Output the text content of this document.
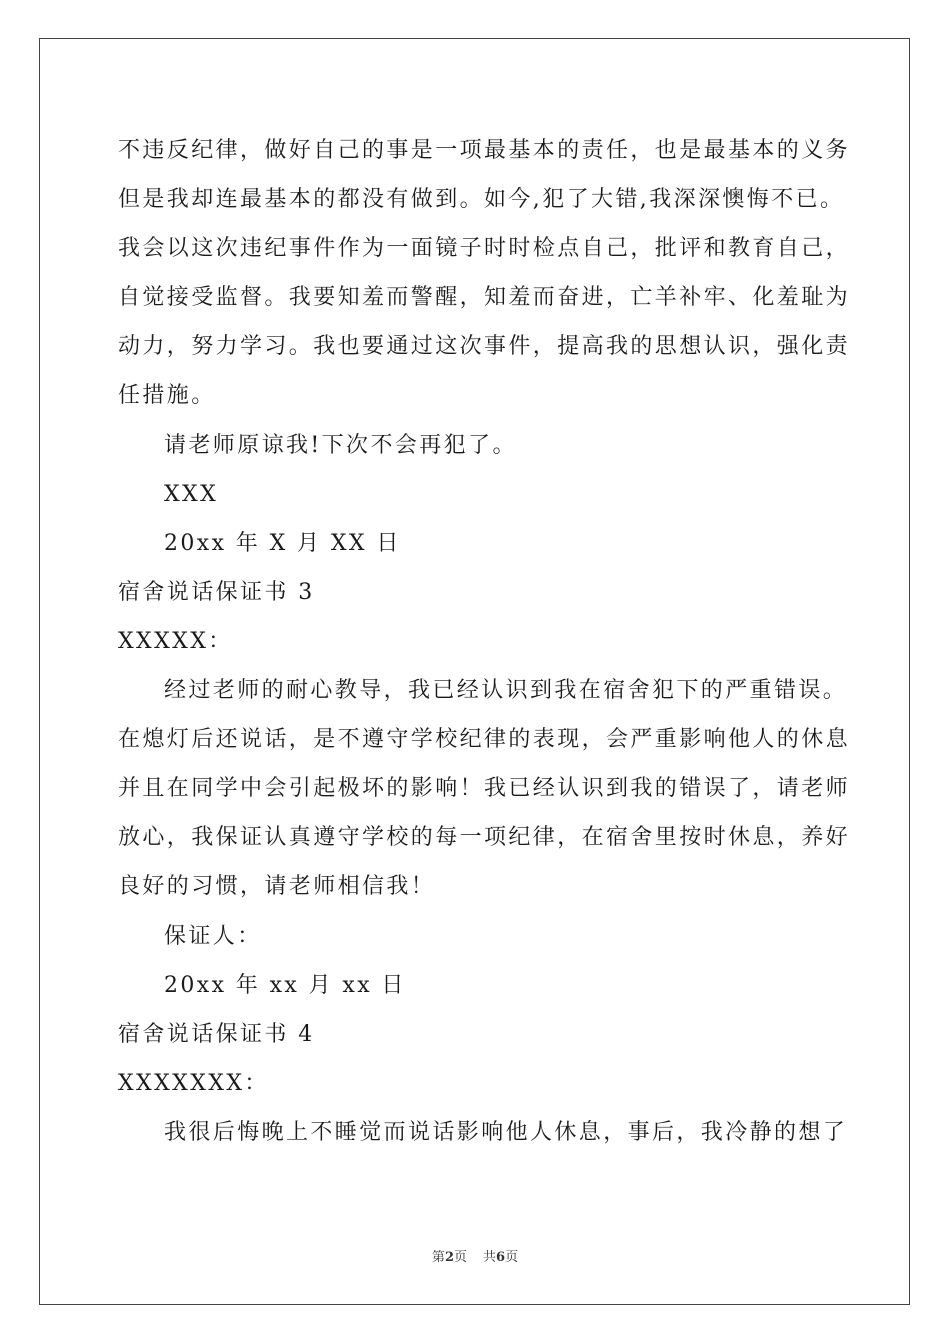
不违反纪律，做好自己的事是一项最基本的责任，也是最基本的义务
但是我却连最基本的都没有做到。如今,犯了大错,我深深懊悔不已。
我会以这次违纪事件作为一面镜子时时检点自己，批评和教育自己，
自觉接受监督。我要知羞而警醒，知羞而奋进，亡羊补牢、化羞耻为
动力，努力学习。我也要通过这次事件，提高我的思想认识，强化责
任措施。
请老师原谅我!下次不会再犯了。
XXX
20xx 年 X 月 XX 日
宿舍说话保证书 3
XXXXX：
经过老师的耐心教导，我已经认识到我在宿舍犯下的严重错误。
在熄灯后还说话，是不遵守学校纪律的表现，会严重影响他人的休息
并且在同学中会引起极坏的影响！我已经认识到我的错误了，请老师
放心，我保证认真遵守学校的每一项纪律，在宿舍里按时休息，养好
良好的习惯，请老师相信我！
保证人：
20xx 年 xx 月 xx 日
宿舍说话保证书 4
XXXXXXX：
我很后悔晚上不睡觉而说话影响他人休息，事后，我冷静的想了
第2页 共6页
